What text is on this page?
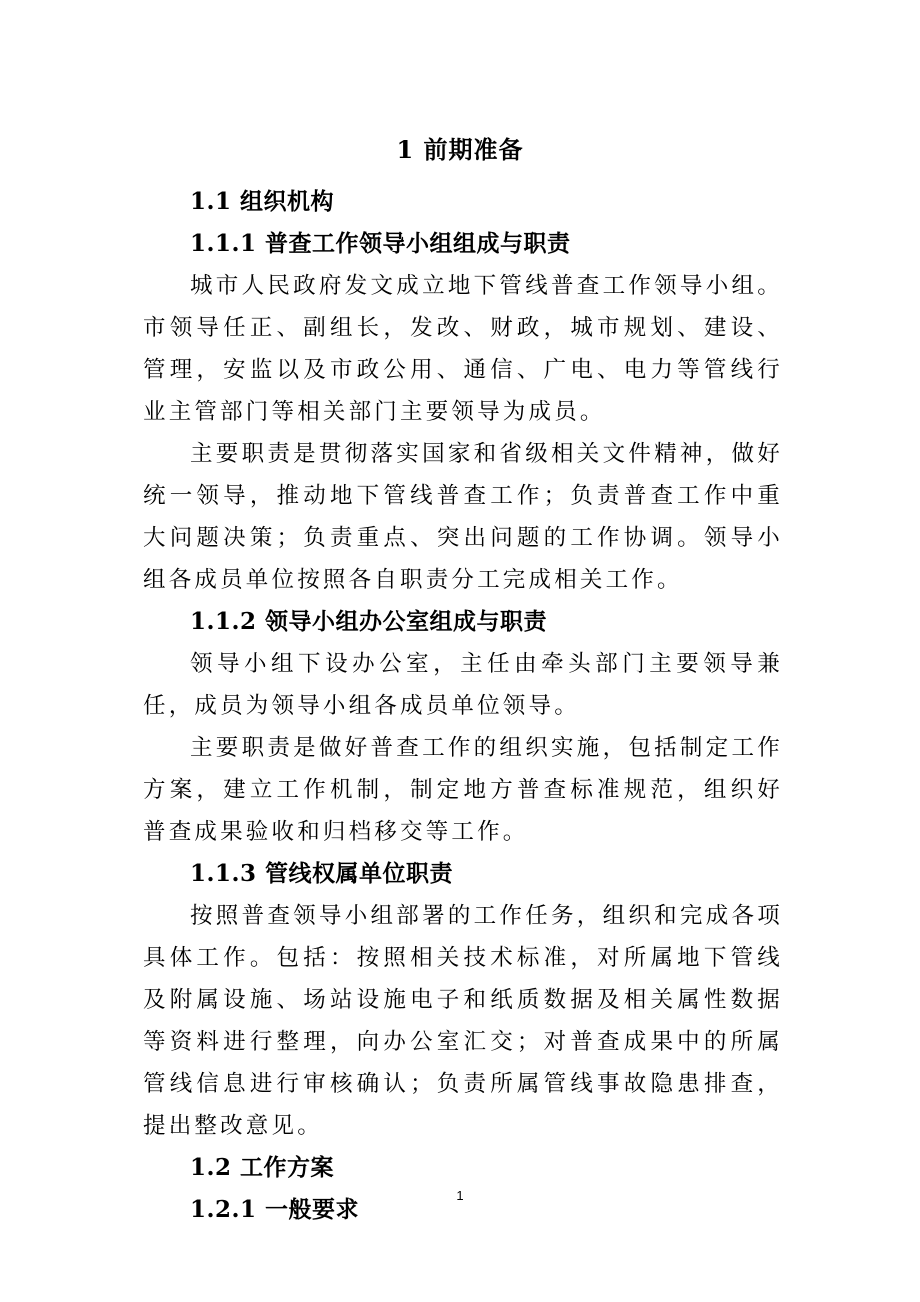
1 前期准备
1.1 组织机构
1.1.1 普查工作领导小组组成与职责

城市人民政府发文成立地下管线普查工作领导小组。市领导任正、副组长，发改、财政，城市规划、建设、管理，安监以及市政公用、通信、广电、电力等管线行业主管部门等相关部门主要领导为成员。

主要职责是贯彻落实国家和省级相关文件精神，做好统一领导，推动地下管线普查工作；负责普查工作中重大问题决策；负责重点、突出问题的工作协调。领导小组各成员单位按照各自职责分工完成相关工作。

1.1.2 领导小组办公室组成与职责

领导小组下设办公室，主任由牵头部门主要领导兼任，成员为领导小组各成员单位领导。

主要职责是做好普查工作的组织实施，包括制定工作方案，建立工作机制，制定地方普查标准规范，组织好普查成果验收和归档移交等工作。

1.1.3 管线权属单位职责

按照普查领导小组部署的工作任务，组织和完成各项具体工作。包括：按照相关技术标准，对所属地下管线及附属设施、场站设施电子和纸质数据及相关属性数据等资料进行整理，向办公室汇交；对普查成果中的所属管线信息进行审核确认；负责所属管线事故隐患排查，提出整改意见。

1.2 工作方案
1.2.1 一般要求
1
